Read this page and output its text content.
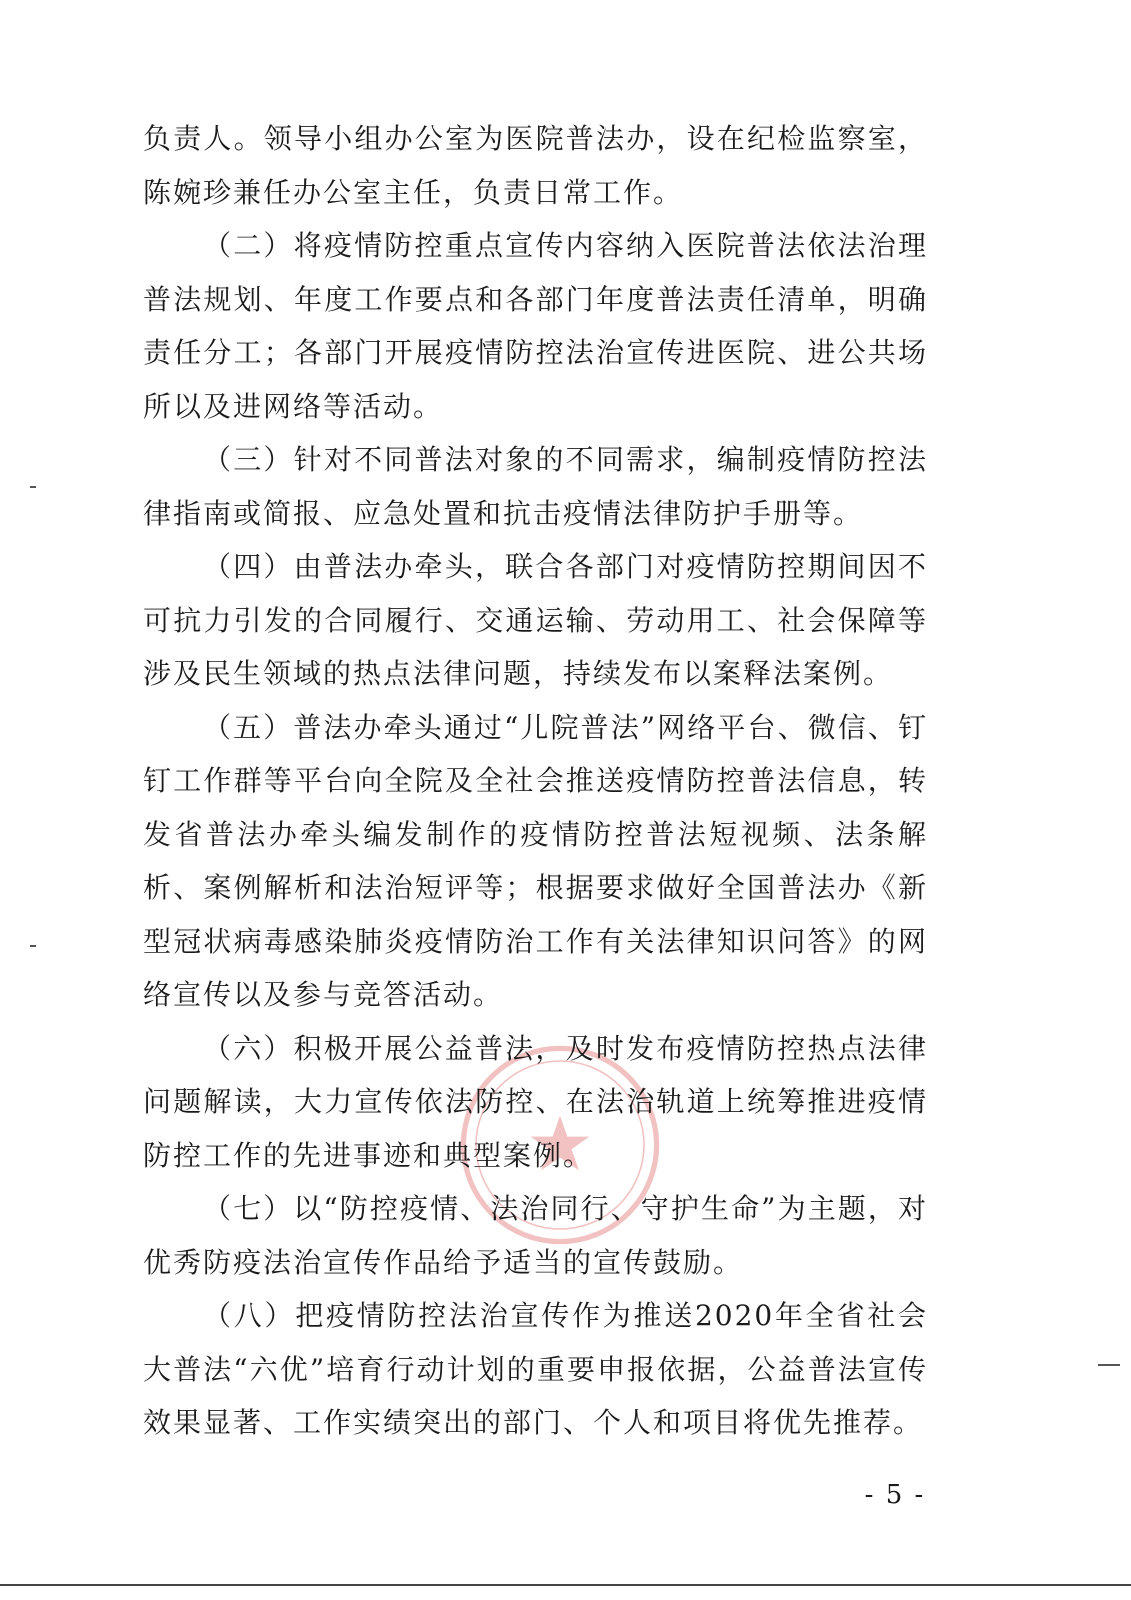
负责人。领导小组办公室为医院普法办，设在纪检监察室，陈婉珍兼任办公室主任，负责日常工作。

（二）将疫情防控重点宣传内容纳入医院普法依法治理普法规划、年度工作要点和各部门年度普法责任清单，明确责任分工；各部门开展疫情防控法治宣传进医院、进公共场所以及进网络等活动。

（三）针对不同普法对象的不同需求，编制疫情防控法律指南或简报、应急处置和抗击疫情法律防护手册等。

（四）由普法办牵头，联合各部门对疫情防控期间因不可抗力引发的合同履行、交通运输、劳动用工、社会保障等涉及民生领域的热点法律问题，持续发布以案释法案例。

（五）普法办牵头通过“儿院普法”网络平台、微信、钉钉工作群等平台向全院及全社会推送疫情防控普法信息，转发省普法办牵头编发制作的疫情防控普法短视频、法条解析、案例解析和法治短评等；根据要求做好全国普法办《新型冠状病毒感染肺炎疫情防治工作有关法律知识问答》的网络宣传以及参与竞答活动。

（六）积极开展公益普法，及时发布疫情防控热点法律问题解读，大力宣传依法防控、在法治轨道上统筹推进疫情防控工作的先进事迹和典型案例。

（七）以“防控疫情、法治同行、守护生命”为主题，对优秀防疫法治宣传作品给予适当的宣传鼓励。

（八）把疫情防控法治宣传作为推送2020年全省社会大普法“六优”培育行动计划的重要申报依据，公益普法宣传效果显著、工作实绩突出的部门、个人和项目将优先推荐。

- 5 -
